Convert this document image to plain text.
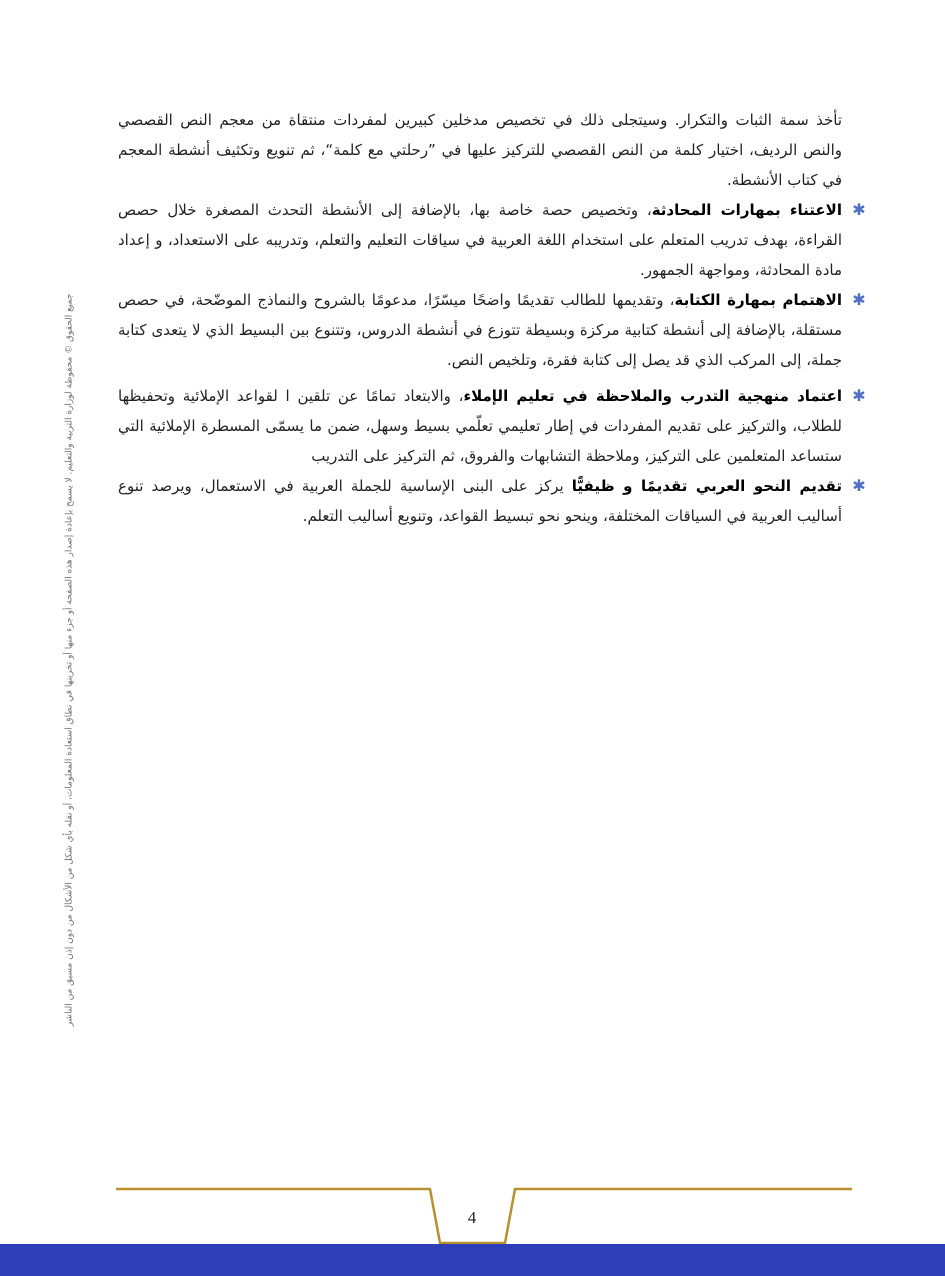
جميع الحقوق © محفوظة لوزارة التربية والتعليم. لا يسمح بإعادة إصدار هذه الصفحة أو جزء منها أو تخزينها في نطاق استعادة المعلومات، أو نقله بأي شكل من الأشكال من دون إذن مسبق من الناشر

تأخذ سمة الثبات والتكرار. وسيتجلى ذلك في تخصيص مدخلين كبيرين لمفردات منتقاة من معجم النص القصصي والنص الرديف، اختيار كلمة من النص القصصي للتركيز عليها في ”رحلتي مع كلمة“، ثم تنويع وتكثيف أنشطة المعجم في كتاب الأنشطة.

✱
الاعتناء بمهارات المحادثة، وتخصيص حصة خاصة بها، بالإضافة إلى الأنشطة التحدث المصغرة خلال حصص القراءة، بهدف تدريب المتعلم على استخدام اللغة العربية في سياقات التعليم والتعلم، وتدريبه على الاستعداد، و إعداد مادة المحادثة، ومواجهة الجمهور.
✱
الاهتمام بمهارة الكتابة، وتقديمها للطالب تقديمًا واضحًا ميسّرًا، مدعومًا بالشروح والنماذج الموضّحة، في حصص مستقلة، بالإضافة إلى أنشطة كتابية مركزة وبسيطة تتوزع في أنشطة الدروس، وتتنوع بين البسيط الذي لا يتعدى كتابة جملة، إلى المركب الذي قد يصل إلى كتابة فقرة، وتلخيص النص.
✱
اعتماد منهجية التدرب والملاحظة في تعليم الإملاء، والابتعاد تمامًا عن تلقين ا لقواعد الإملائية وتحفيظها للطلاب، والتركيز على تقديم المفردات في إطار تعليمي تعلّمي بسيط وسهل، ضمن ما يسمّى المسطرة الإملائية التي ستساعد المتعلمين على التركيز، وملاحظة التشابهات والفروق، ثم التركيز على التدريب
✱
تقديم النحو العربي تقديمًا و ظيفيًّا يركز على البنى الإساسية للجملة العربية في الاستعمال، ويرصد تنوع أساليب العربية في السياقات المختلفة، وينحو نحو تبسيط القواعد، وتنويع أساليب التعلم.
4
